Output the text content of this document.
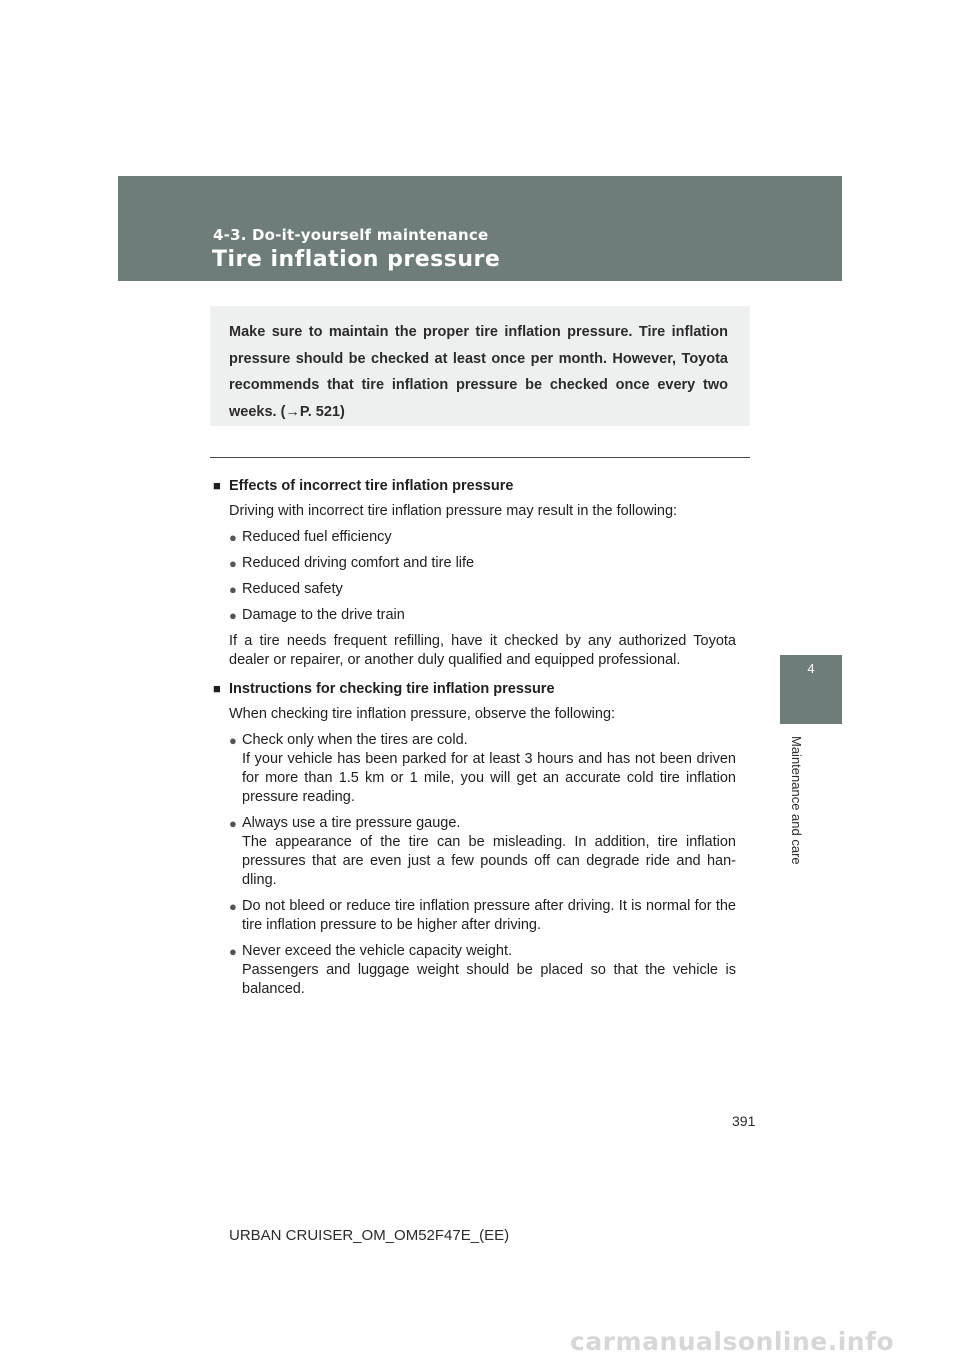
4-3. Do-it-yourself maintenance
Tire inflation pressure
Make sure to maintain the proper tire inflation pressure. Tire inflation pressure should be checked at least once per month. However, Toyota recommends that tire inflation pressure be checked once every two weeks. (→P. 521)
■ Effects of incorrect tire inflation pressure
Driving with incorrect tire inflation pressure may result in the following:
● Reduced fuel efficiency
● Reduced driving comfort and tire life
● Reduced safety
● Damage to the drive train
If a tire needs frequent refilling, have it checked by any authorized Toyota dealer or repairer, or another duly qualified and equipped professional.
■ Instructions for checking tire inflation pressure
When checking tire inflation pressure, observe the following:
● Check only when the tires are cold.
If your vehicle has been parked for at least 3 hours and has not been driven for more than 1.5 km or 1 mile, you will get an accurate cold tire inflation pressure reading.
● Always use a tire pressure gauge.
The appearance of the tire can be misleading. In addition, tire inflation pressures that are even just a few pounds off can degrade ride and han-dling.
● Do not bleed or reduce tire inflation pressure after driving. It is normal for the tire inflation pressure to be higher after driving.
● Never exceed the vehicle capacity weight.
Passengers and luggage weight should be placed so that the vehicle is balanced.
4
Maintenance and care
391
URBAN CRUISER_OM_OM52F47E_(EE)
carmanualsonline.info
